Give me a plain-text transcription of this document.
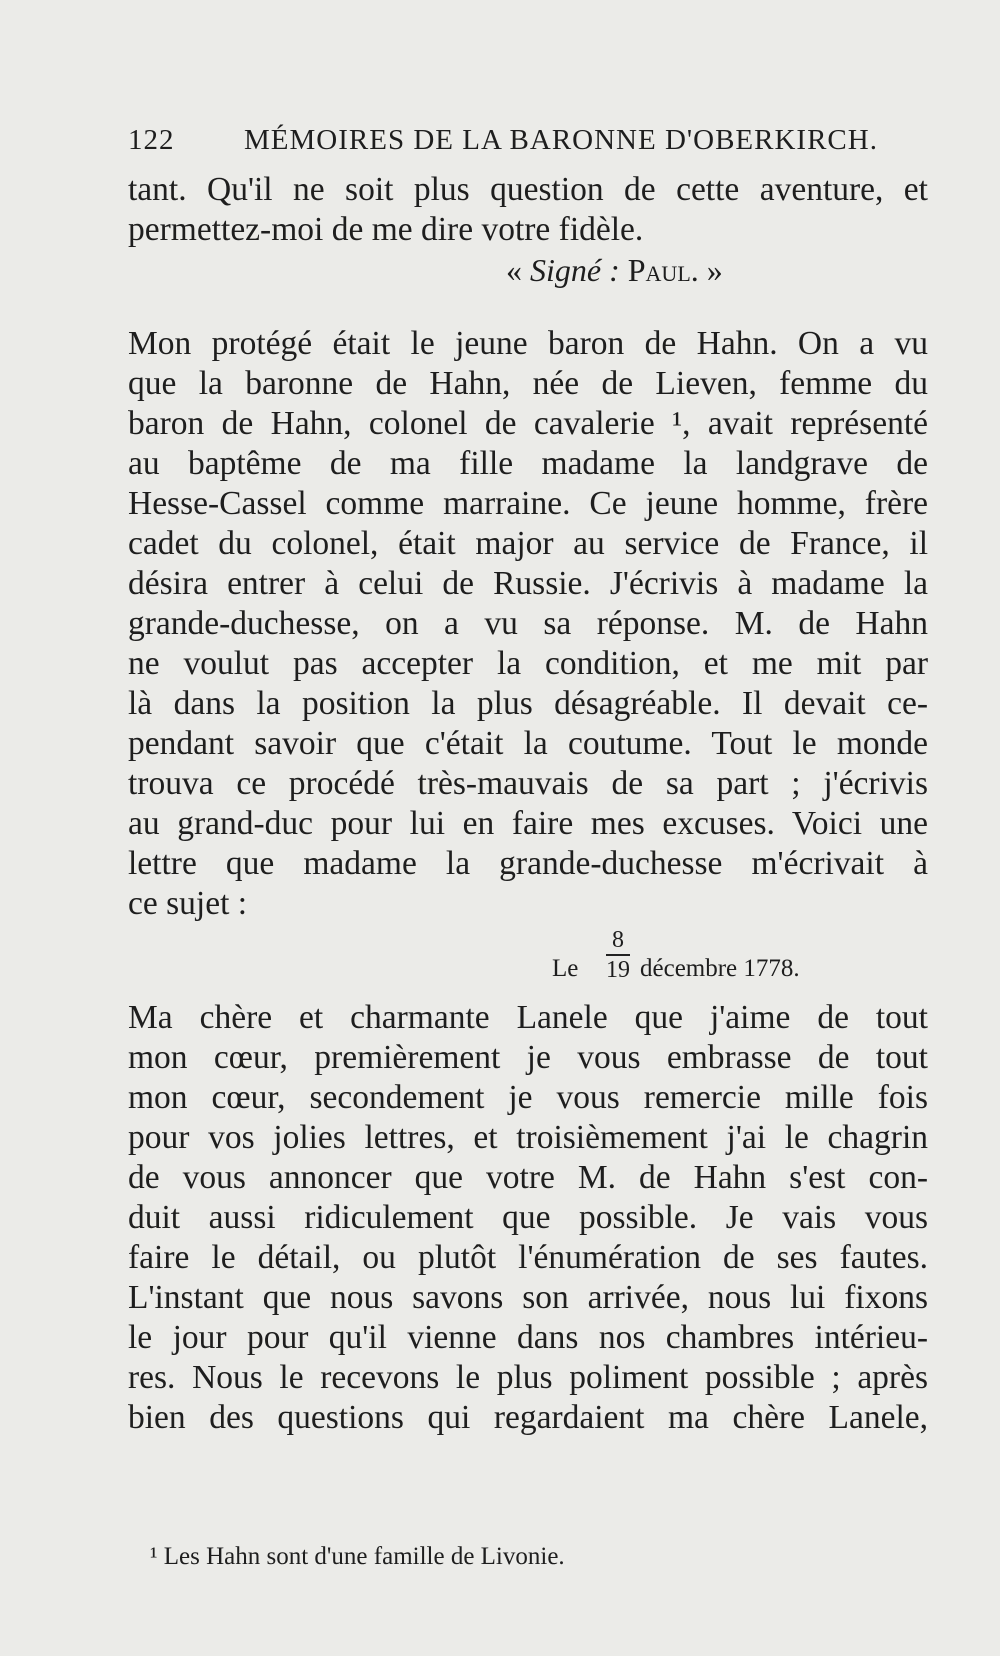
122 MÉMOIRES DE LA BARONNE D'OBERKIRCH.
tant. Qu'il ne soit plus question de cette aventure, et
permettez-moi de me dire votre fidèle.
« Signé : Paul. »
Mon protégé était le jeune baron de Hahn. On a vu
que la baronne de Hahn, née de Lieven, femme du
baron de Hahn, colonel de cavalerie ¹, avait représenté
au baptême de ma fille madame la landgrave de
Hesse-Cassel comme marraine. Ce jeune homme, frère
cadet du colonel, était major au service de France, il
désira entrer à celui de Russie. J'écrivis à madame la
grande-duchesse, on a vu sa réponse. M. de Hahn
ne voulut pas accepter la condition, et me mit par
là dans la position la plus désagréable. Il devait ce-
pendant savoir que c'était la coutume. Tout le monde
trouva ce procédé très-mauvais de sa part ; j'écrivis
au grand-duc pour lui en faire mes excuses. Voici une
lettre que madame la grande-duchesse m'écrivait à
ce sujet :
Le
8
19 décembre 1778.
Ma chère et charmante Lanele que j'aime de tout
mon cœur, premièrement je vous embrasse de tout
mon cœur, secondement je vous remercie mille fois
pour vos jolies lettres, et troisièmement j'ai le chagrin
de vous annoncer que votre M. de Hahn s'est con-
duit aussi ridiculement que possible. Je vais vous
faire le détail, ou plutôt l'énumération de ses fautes.
L'instant que nous savons son arrivée, nous lui fixons
le jour pour qu'il vienne dans nos chambres intérieu-
res. Nous le recevons le plus poliment possible ; après
bien des questions qui regardaient ma chère Lanele,
¹ Les Hahn sont d'une famille de Livonie.
